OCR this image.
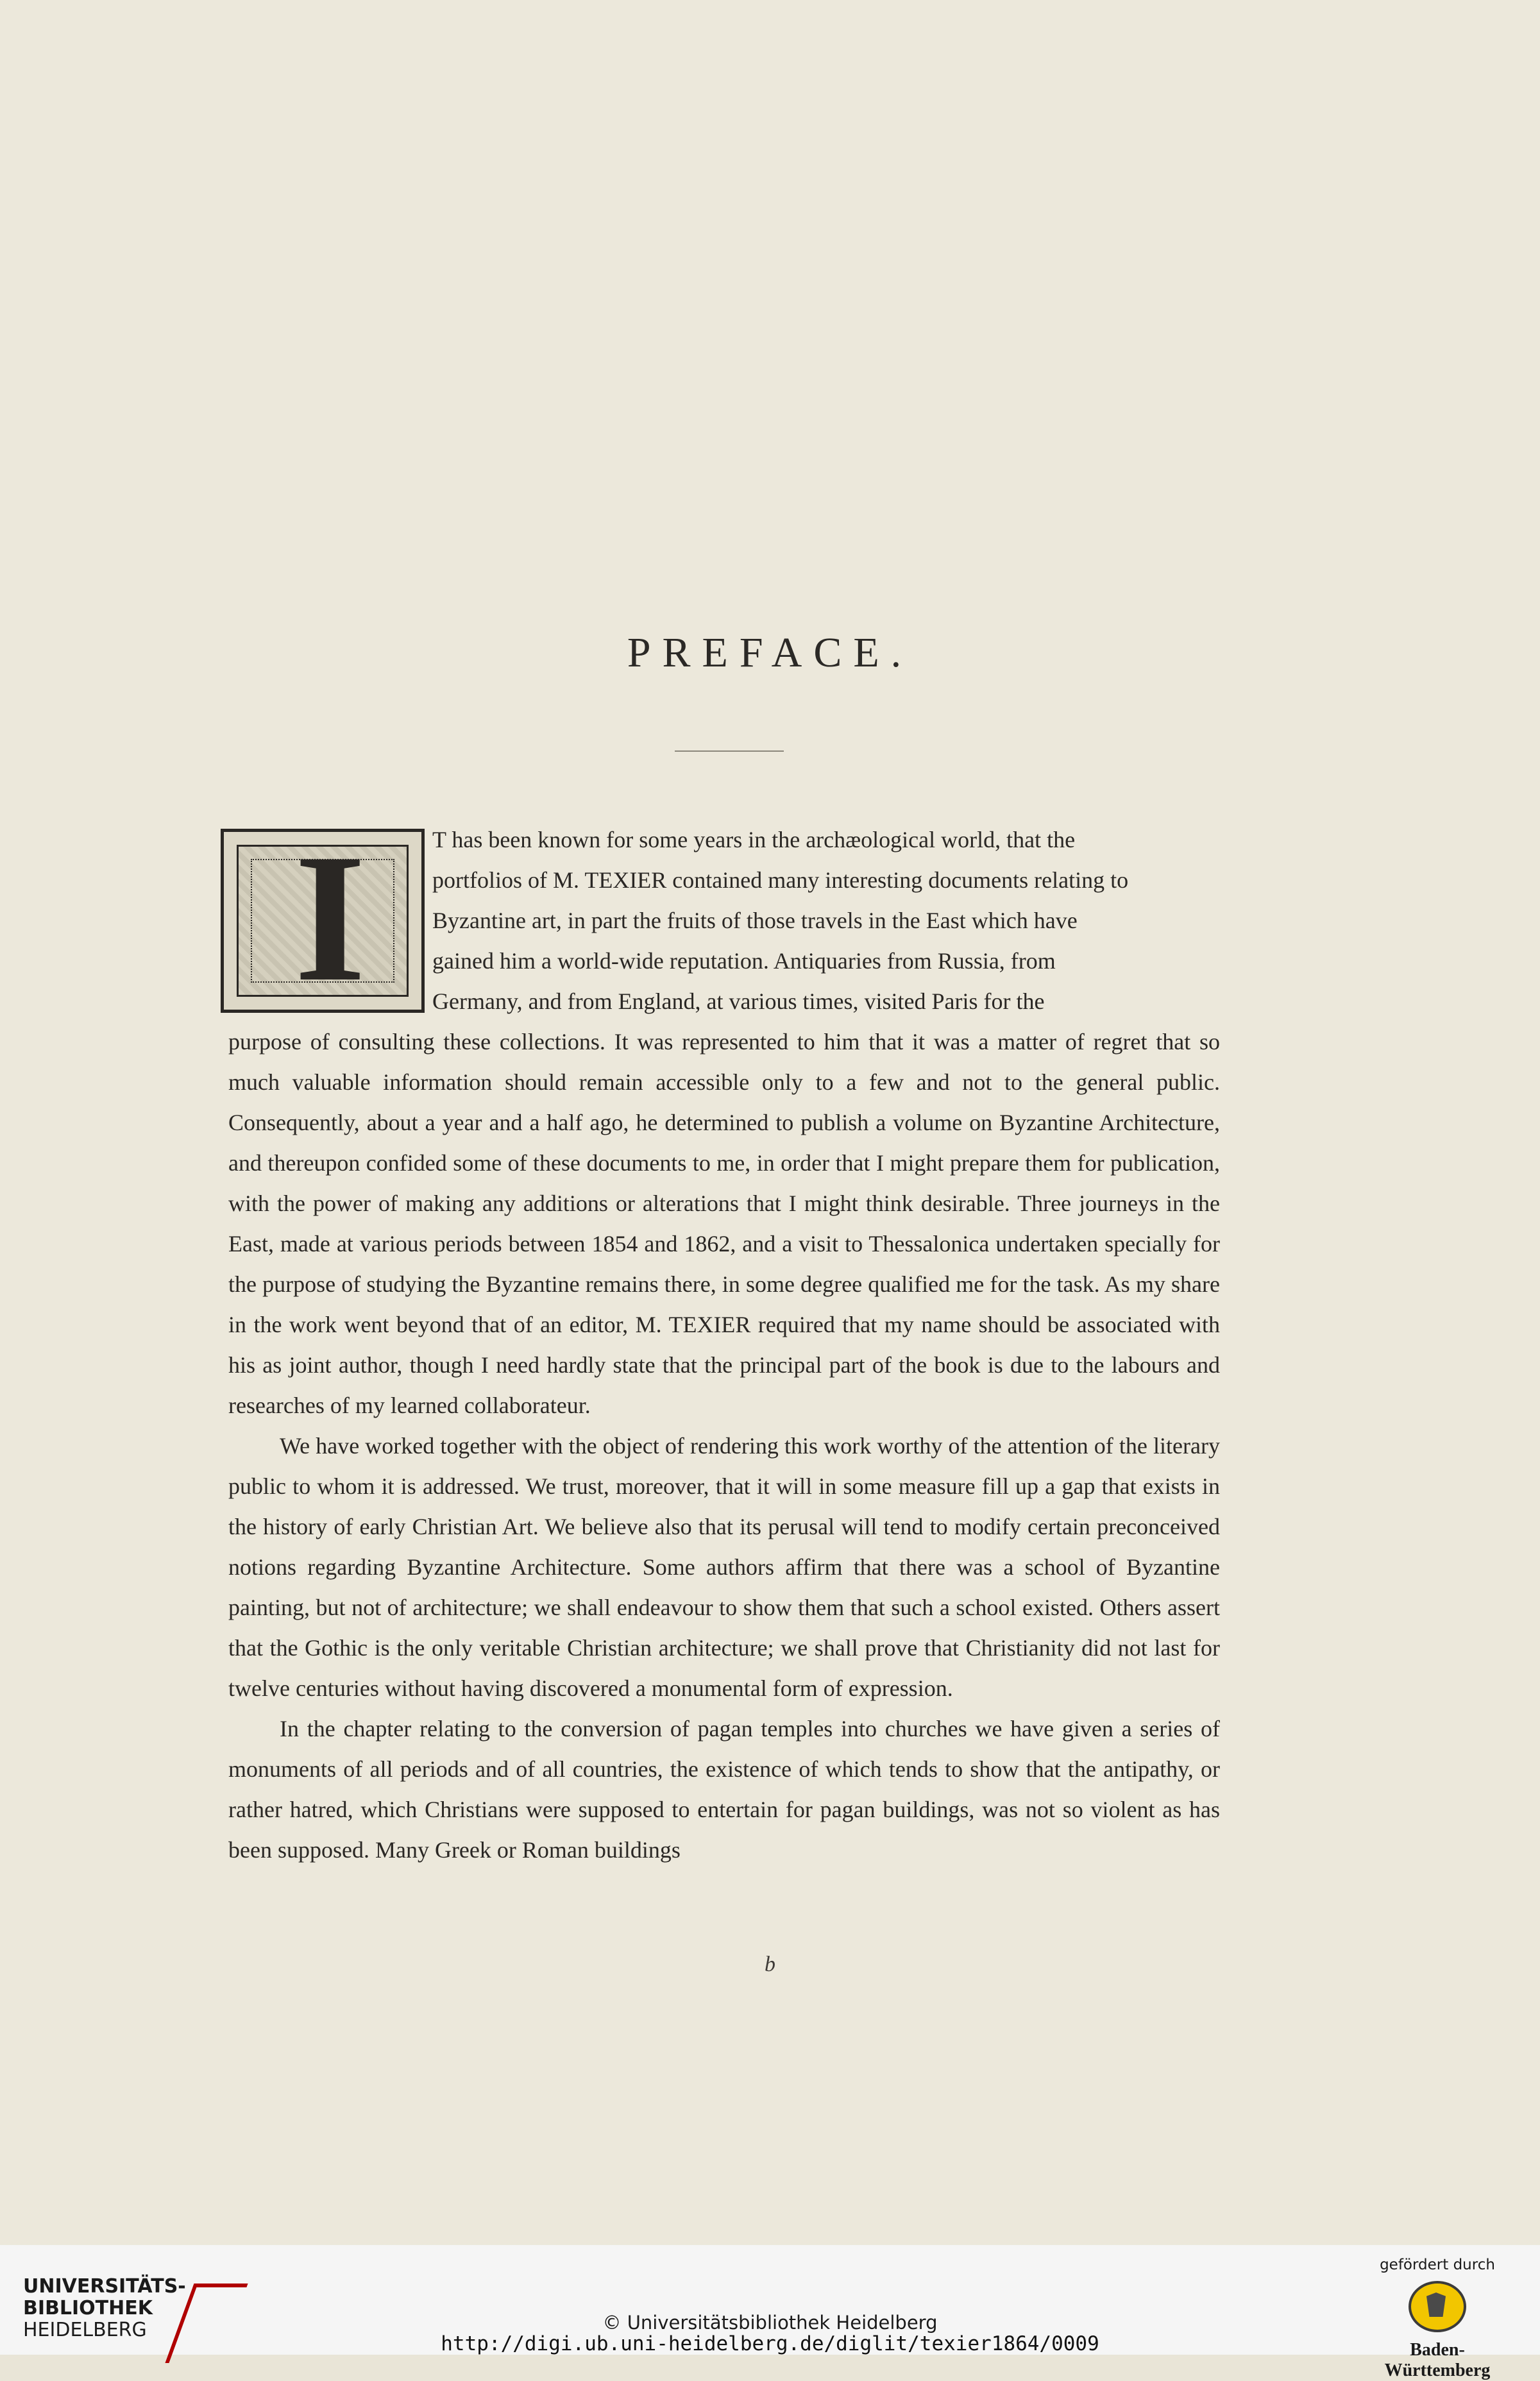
PREFACE.
I	T has been known for some years in the archæological world, that the
portfolios of M. TEXIER contained many interesting documents relating to
Byzantine art, in part the fruits of those travels in the East which have
gained him a world-wide reputation. Antiquaries from Russia, from
Germany, and from England, at various times, visited Paris for the
purpose of consulting these collections. It was represented to him that it was a matter of regret that so much valuable information should remain accessible only to a few and not to the general public. Consequently, about a year and a half ago, he determined to publish a volume on Byzantine Architecture, and thereupon confided some of these documents to me, in order that I might prepare them for publication, with the power of making any additions or alterations that I might think desirable. Three journeys in the East, made at various periods between 1854 and 1862, and a visit to Thessalonica undertaken specially for the purpose of studying the Byzantine remains there, in some degree qualified me for the task. As my share in the work went beyond that of an editor, M. TEXIER required that my name should be associated with his as joint author, though I need hardly state that the principal part of the book is due to the labours and researches of my learned collaborateur.

We have worked together with the object of rendering this work worthy of the attention of the literary public to whom it is addressed. We trust, moreover, that it will in some measure fill up a gap that exists in the history of early Christian Art. We believe also that its perusal will tend to modify certain preconceived notions regarding Byzantine Architecture. Some authors affirm that there was a school of Byzantine painting, but not of architecture; we shall endeavour to show them that such a school existed. Others assert that the Gothic is the only veritable Christian architecture; we shall prove that Christianity did not last for twelve centuries without having discovered a monumental form of expression.

In the chapter relating to the conversion of pagan temples into churches we have given a series of monuments of all periods and of all countries, the existence of which tends to show that the antipathy, or rather hatred, which Christians were supposed to entertain for pagan buildings, was not so violent as has been supposed. Many Greek or Roman buildings

b
UNIVERSITÄTS-
BIBLIOTHEK
HEIDELBERG	© Universitätsbibliothek Heidelberg
http://digi.ub.uni-heidelberg.de/diglit/texier1864/0009
gefördert durch
Baden-Württemberg
